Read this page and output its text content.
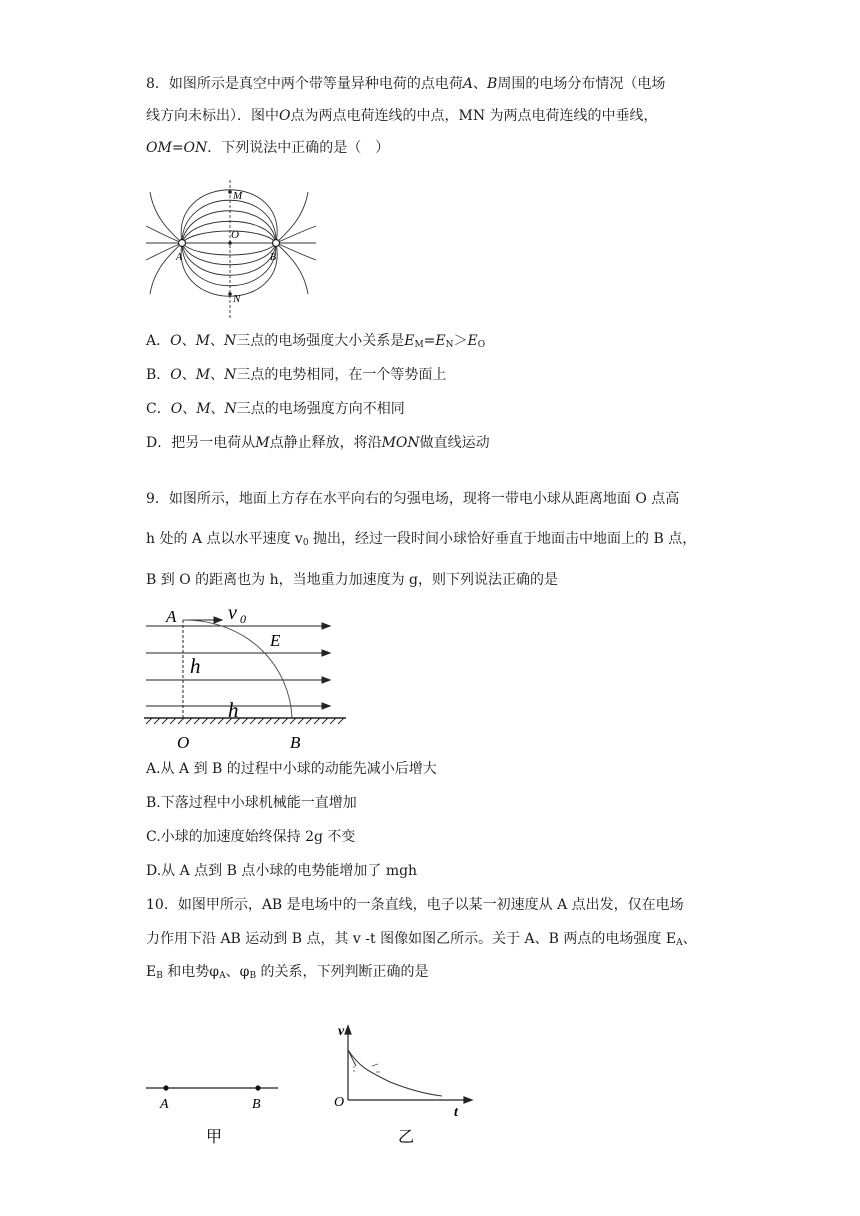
8．如图所示是真空中两个带等量异种电荷的点电荷A、B周围的电场分布情况（电场
线方向未标出）．图中O点为两点电荷连线的中点，MN 为两点电荷连线的中垂线，
OM=ON．下列说法中正确的是（　）
M
O
N
A	B
A．O、M、N三点的电场强度大小关系是$E_M=E_N>E_O$
B．O、M、N三点的电势相同，在一个等势面上
C．O、M、N三点的电场强度方向不相同
D．把另一电荷从M点静止释放，将沿MON做直线运动
9．如图所示，地面上方存在水平向右的匀强电场，现将一带电小球从距离地面 O 点高
h 处的 A 点以水平速度 $v_0$ 抛出，经过一段时间小球恰好垂直于地面击中地面上的 B 点，
B 到 O 的距离也为 h，当地重力加速度为 g，则下列说法正确的是
A	v 0
E
h
h
O	B
A.从 A 到 B 的过程中小球的动能先减小后增大
B.下落过程中小球机械能一直增加
C.小球的加速度始终保持 2g 不变
D.从 A 点到 B 点小球的电势能增加了 mgh
10．如图甲所示，AB 是电场中的一条直线，电子以某一初速度从 A 点出发，仅在电场
力作用下沿 AB 运动到 B 点，其 v -t 图像如图乙所示。关于 A、B 两点的电场强度 $E_A$、
$E_B$ 和电势$\varphi_A$、$\varphi_B$ 的关系，下列判断正确的是
A	B
甲
v
O
t
乙
